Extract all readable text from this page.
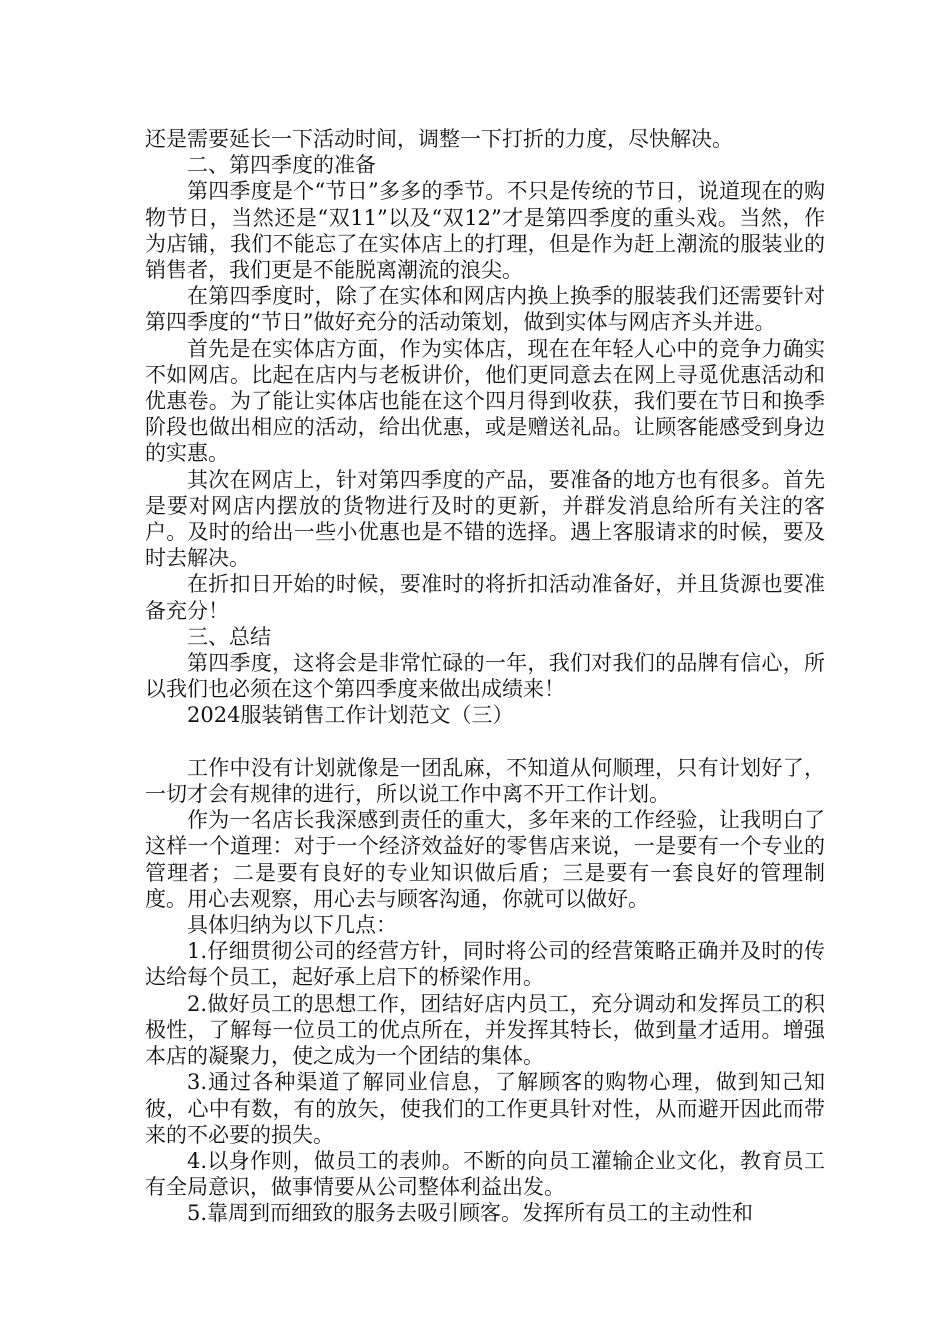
还是需要延长一下活动时间，调整一下打折的力度，尽快解决。

二、第四季度的准备

第四季度是个“节日”多多的季节。不只是传统的节日，说道现在的购物节日，当然还是“双11”以及“双12”才是第四季度的重头戏。当然，作为店铺，我们不能忘了在实体店上的打理，但是作为赶上潮流的服装业的销售者，我们更是不能脱离潮流的浪尖。

在第四季度时，除了在实体和网店内换上换季的服装我们还需要针对第四季度的“节日”做好充分的活动策划，做到实体与网店齐头并进。

首先是在实体店方面，作为实体店，现在在年轻人心中的竞争力确实不如网店。比起在店内与老板讲价，他们更同意去在网上寻觅优惠活动和优惠卷。为了能让实体店也能在这个四月得到收获，我们要在节日和换季阶段也做出相应的活动，给出优惠，或是赠送礼品。让顾客能感受到身边的实惠。

其次在网店上，针对第四季度的产品，要准备的地方也有很多。首先是要对网店内摆放的货物进行及时的更新，并群发消息给所有关注的客户。及时的给出一些小优惠也是不错的选择。遇上客服请求的时候，要及时去解决。

在折扣日开始的时候，要准时的将折扣活动准备好，并且货源也要准备充分！

三、总结

第四季度，这将会是非常忙碌的一年，我们对我们的品牌有信心，所以我们也必须在这个第四季度来做出成绩来！

2024服装销售工作计划范文（三）

工作中没有计划就像是一团乱麻，不知道从何顺理，只有计划好了，一切才会有规律的进行，所以说工作中离不开工作计划。

作为一名店长我深感到责任的重大，多年来的工作经验，让我明白了这样一个道理：对于一个经济效益好的零售店来说，一是要有一个专业的管理者；二是要有良好的专业知识做后盾；三是要有一套良好的管理制度。用心去观察，用心去与顾客沟通，你就可以做好。

具体归纳为以下几点：

1.仔细贯彻公司的经营方针，同时将公司的经营策略正确并及时的传达给每个员工，起好承上启下的桥梁作用。

2.做好员工的思想工作，团结好店内员工，充分调动和发挥员工的积极性，了解每一位员工的优点所在，并发挥其特长，做到量才适用。增强本店的凝聚力，使之成为一个团结的集体。

3.通过各种渠道了解同业信息，了解顾客的购物心理，做到知己知彼，心中有数，有的放矢，使我们的工作更具针对性，从而避开因此而带来的不必要的损失。

4.以身作则，做员工的表帅。不断的向员工灌输企业文化，教育员工有全局意识，做事情要从公司整体利益出发。

5.靠周到而细致的服务去吸引顾客。发挥所有员工的主动性和
